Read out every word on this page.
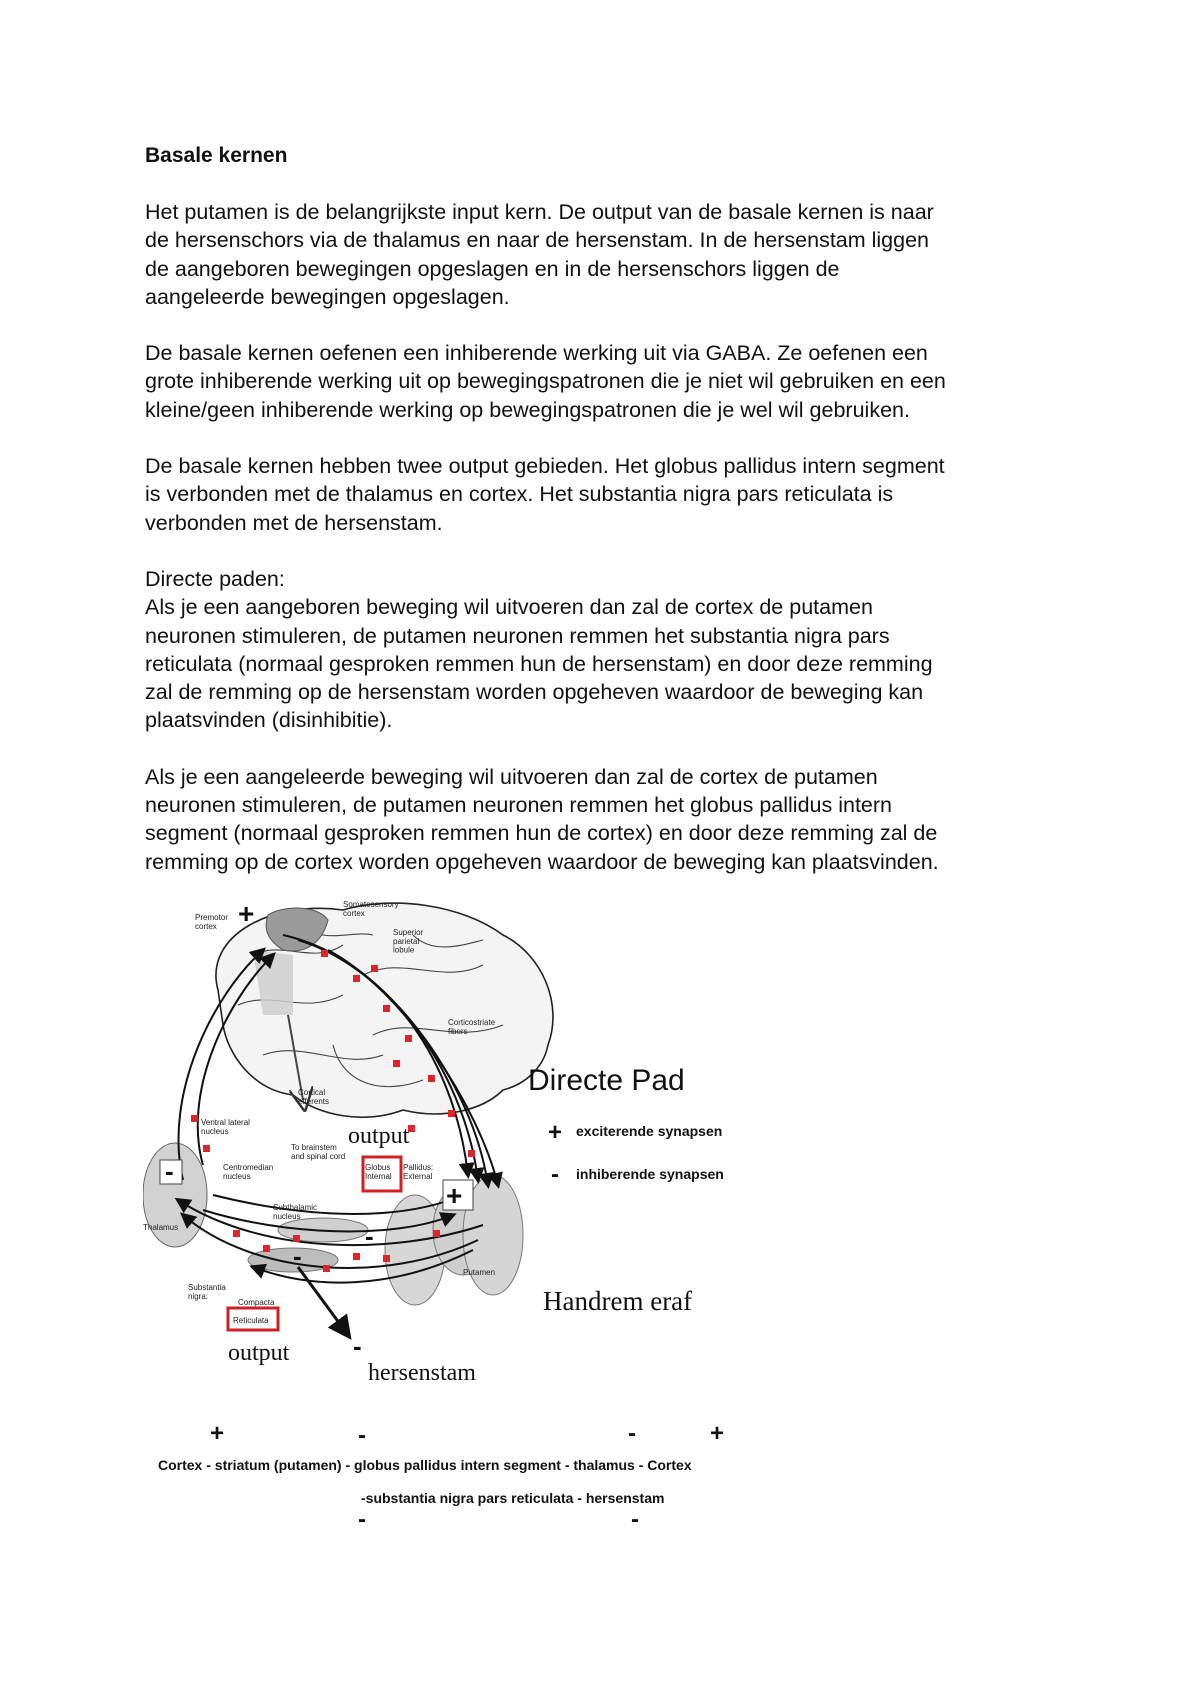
Basale kernen

Het putamen is de belangrijkste input kern. De output van de basale kernen is naar
de hersenschors via de thalamus en naar de hersenstam. In de hersenstam liggen
de aangeboren bewegingen opgeslagen en in de hersenschors liggen de
aangeleerde bewegingen opgeslagen.

De basale kernen oefenen een inhiberende werking uit via GABA. Ze oefenen een
grote inhiberende werking uit op bewegingspatronen die je niet wil gebruiken en een
kleine/geen inhiberende werking op bewegingspatronen die je wel wil gebruiken.

De basale kernen hebben twee output gebieden. Het globus pallidus intern segment
is verbonden met de thalamus en cortex. Het substantia nigra pars reticulata is
verbonden met de hersenstam.

Directe paden:
Als je een aangeboren beweging wil uitvoeren dan zal de cortex de putamen
neuronen stimuleren, de putamen neuronen remmen het substantia nigra pars
reticulata (normaal gesproken remmen hun de hersenstam) en door deze remming
zal de remming op de hersenstam worden opgeheven waardoor de beweging kan
plaatsvinden (disinhibitie).

Als je een aangeleerde beweging wil uitvoeren dan zal de cortex de putamen
neuronen stimuleren, de putamen neuronen remmen het globus pallidus intern
segment (normaal gesproken remmen hun de cortex) en door deze remming zal de
remming op de cortex worden opgeheven waardoor de beweging kan plaatsvinden.

Premotor cortex
Somatosensory cortex
Superior parietal lobule
Corticostriate fibers
Cortical efferents
Ventral lateral nucleus
Centromedian nucleus
To brainstem and spinal cord
Globus Internal
Pallidus: External
Subthalamic nucleus
Thalamus
Substantia nigra:
Compacta
Reticulata
Putamen
+
+
-
-
-
-
output
output
hersenstam
Handrem eraf
Directe Pad
+ exciterende synapsen
- inhiberende synapsen
+	-	-	+
Cortex - striatum (putamen) - globus pallidus intern segment - thalamus - Cortex
-substantia nigra pars reticulata - hersenstam
-	-
